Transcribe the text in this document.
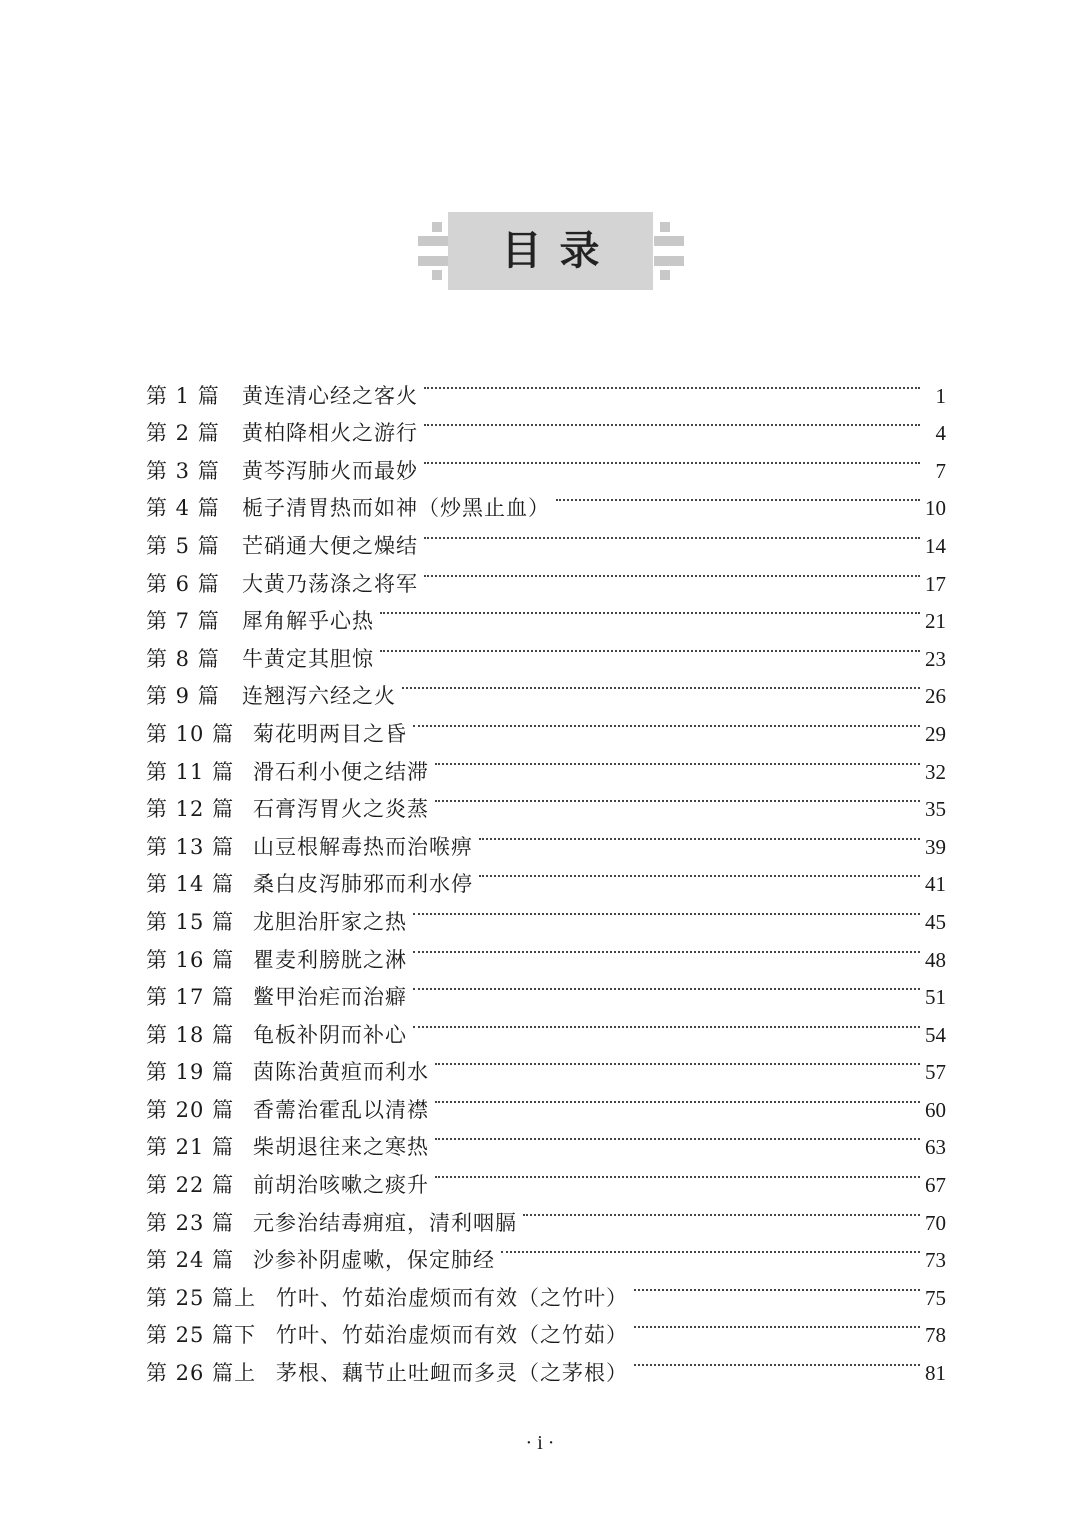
目录
第 1 篇	黄连清心经之客火	1
第 2 篇	黄柏降相火之游行	4
第 3 篇	黄芩泻肺火而最妙	7
第 4 篇	栀子清胃热而如神（炒黑止血）	10
第 5 篇	芒硝通大便之燥结	14
第 6 篇	大黄乃荡涤之将军	17
第 7 篇	犀角解乎心热	21
第 8 篇	牛黄定其胆惊	23
第 9 篇	连翘泻六经之火	26
第 10 篇 菊花明两目之昏	29
第 11 篇 滑石利小便之结滞	32
第 12 篇 石膏泻胃火之炎蒸	35
第 13 篇 山豆根解毒热而治喉痹	39
第 14 篇 桑白皮泻肺邪而利水停	41
第 15 篇 龙胆治肝家之热	45
第 16 篇 瞿麦利膀胱之淋	48
第 17 篇 鳖甲治疟而治癖	51
第 18 篇 龟板补阴而补心	54
第 19 篇 茵陈治黄疸而利水	57
第 20 篇 香薷治霍乱以清襟	60
第 21 篇 柴胡退往来之寒热	63
第 22 篇 前胡治咳嗽之痰升	67
第 23 篇 元参治结毒痈疽，清利咽膈	70
第 24 篇 沙参补阴虚嗽，保定肺经	73
第 25 篇上 竹叶、竹茹治虚烦而有效（之竹叶）	75
第 25 篇下 竹叶、竹茹治虚烦而有效（之竹茹）	78
第 26 篇上 茅根、藕节止吐衄而多灵（之茅根）	81
· i ·
